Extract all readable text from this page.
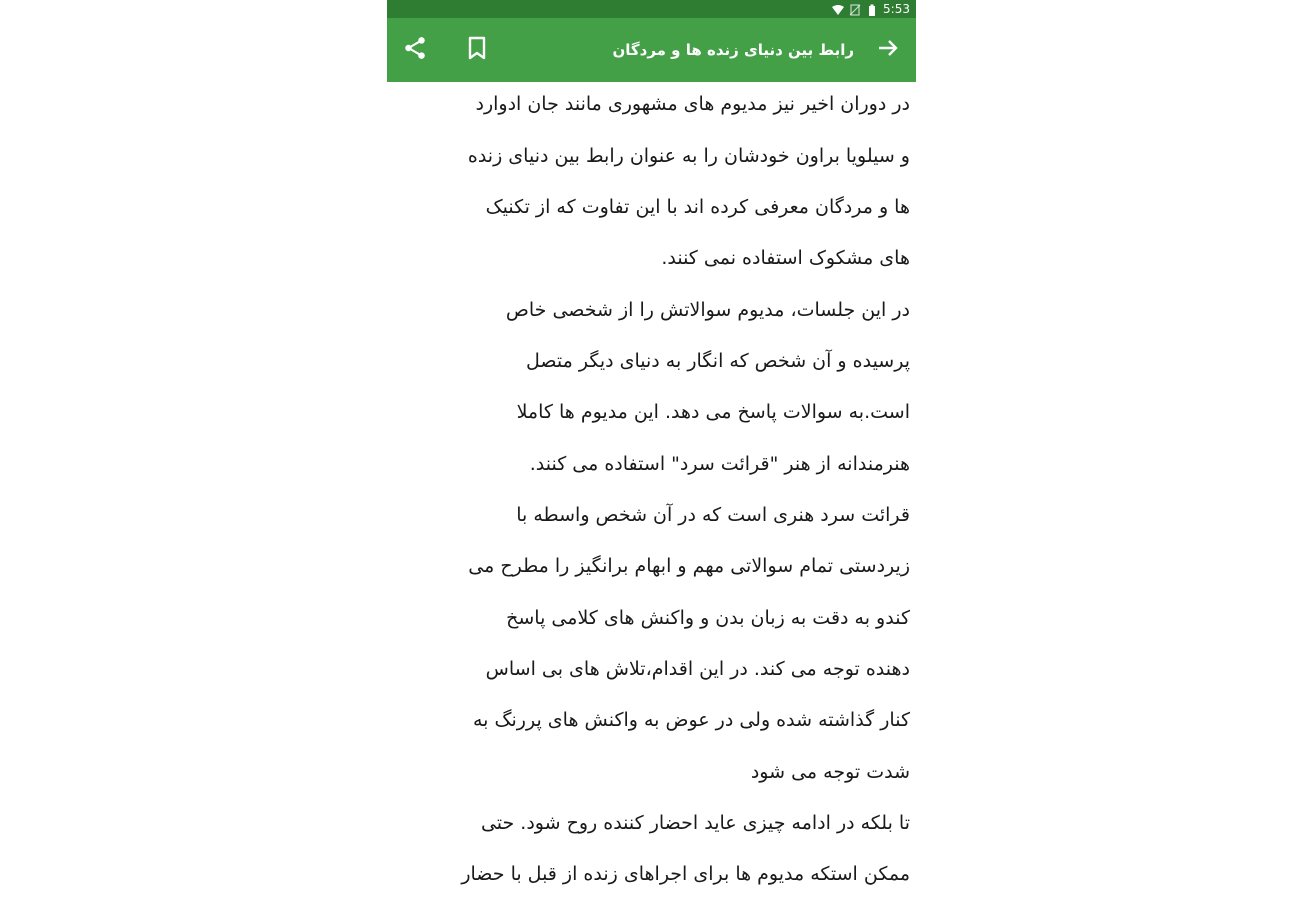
5:53
رابط بین دنیای زنده ها و مردگان
در دوران اخیر نیز مدیوم های مشهوری مانند جان ادوارد
و سیلویا براون خودشان را به عنوان رابط بین دنیای زنده
ها و مردگان معرفی کرده اند با این تفاوت که از تکنیک
های مشکوک استفاده نمی کنند.
در این جلسات، مدیوم سوالاتش را از شخصی خاص
پرسیده و آن شخص که انگار به دنیای دیگر متصل
است.به سوالات پاسخ می دهد. این مدیوم ها کاملا
هنرمندانه از هنر "قرائت سرد" استفاده می کنند.
قرائت سرد هنری است که در آن شخص واسطه با
زیردستی تمام سوالاتی مهم و ابهام برانگیز را مطرح می
کندو به دقت به زبان بدن و واکنش های کلامی پاسخ
دهنده توجه می کند. در این اقدام،تلاش های بی اساس
کنار گذاشته شده ولی در عوض به واکنش های پررنگ به
شدت توجه می شود
تا بلکه در ادامه چیزی عاید احضار کننده روح شود. حتی
ممکن استکه مدیوم ها برای اجراهای زنده از قبل با حضار
